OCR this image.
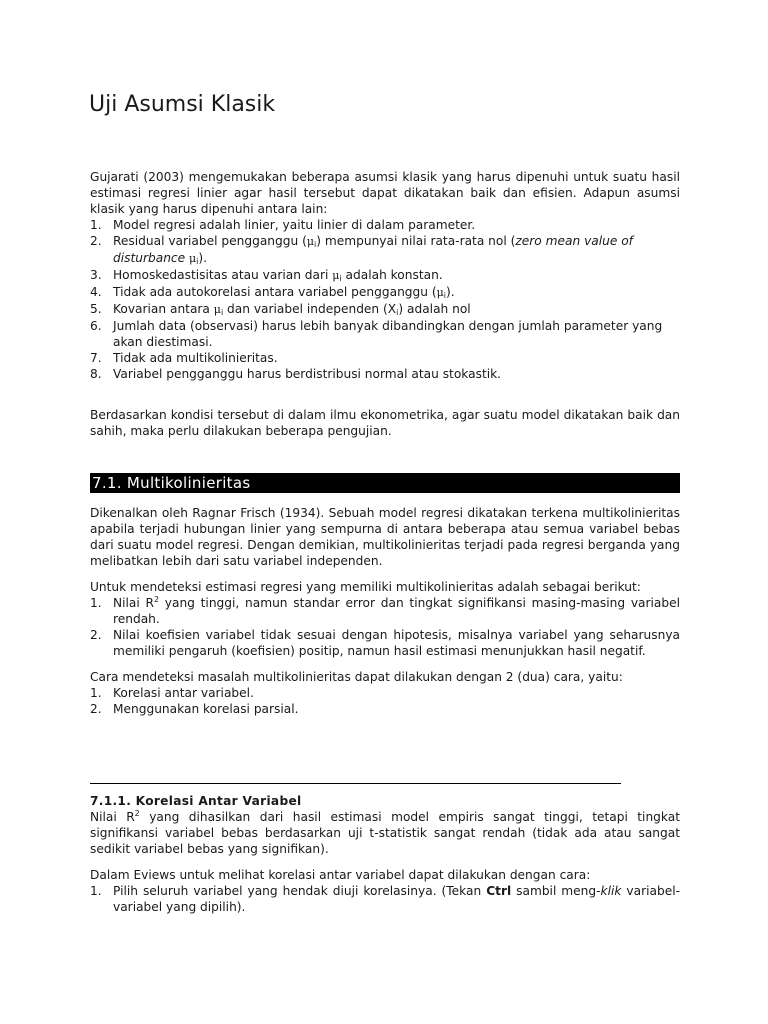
Uji Asumsi Klasik
Gujarati (2003) mengemukakan beberapa asumsi klasik yang harus dipenuhi untuk suatu hasil estimasi regresi linier agar hasil tersebut dapat dikatakan baik dan efisien. Adapun asumsi klasik yang harus dipenuhi antara lain:
1. Model regresi adalah linier, yaitu linier di dalam parameter.
2. Residual variabel pengganggu $(\mu_i)$ mempunyai nilai rata-rata nol (zero mean value of disturbance $\mu_i$).
3. Homoskedastisitas atau varian dari $\mu_i$ adalah konstan.
4. Tidak ada autokorelasi antara variabel pengganggu $(\mu_i)$.
5. Kovarian antara $\mu_i$ dan variabel independen $(X_i)$ adalah nol
6. Jumlah data (observasi) harus lebih banyak dibandingkan dengan jumlah parameter yang akan diestimasi.
7. Tidak ada multikolinieritas.
8. Variabel pengganggu harus berdistribusi normal atau stokastik.
Berdasarkan kondisi tersebut di dalam ilmu ekonometrika, agar suatu model dikatakan baik dan sahih, maka perlu dilakukan beberapa pengujian.
7.1. Multikolinieritas
Dikenalkan oleh Ragnar Frisch (1934). Sebuah model regresi dikatakan terkena multikolinieritas apabila terjadi hubungan linier yang sempurna di antara beberapa atau semua variabel bebas dari suatu model regresi. Dengan demikian, multikolinieritas terjadi pada regresi berganda yang melibatkan lebih dari satu variabel independen.
Untuk mendeteksi estimasi regresi yang memiliki multikolinieritas adalah sebagai berikut:
1. Nilai $R^2$ yang tinggi, namun standar error dan tingkat signifikansi masing-masing variabel rendah.
2. Nilai koefisien variabel tidak sesuai dengan hipotesis, misalnya variabel yang seharusnya memiliki pengaruh (koefisien) positip, namun hasil estimasi menunjukkan hasil negatif.
Cara mendeteksi masalah multikolinieritas dapat dilakukan dengan 2 (dua) cara, yaitu:
1. Korelasi antar variabel.
2. Menggunakan korelasi parsial.
7.1.1. Korelasi Antar Variabel
Nilai $R^2$ yang dihasilkan dari hasil estimasi model empiris sangat tinggi, tetapi tingkat signifikansi variabel bebas berdasarkan uji t-statistik sangat rendah (tidak ada atau sangat sedikit variabel bebas yang signifikan).
Dalam Eviews untuk melihat korelasi antar variabel dapat dilakukan dengan cara:
1. Pilih seluruh variabel yang hendak diuji korelasinya. (Tekan Ctrl sambil meng-klik variabel-variabel yang dipilih).
